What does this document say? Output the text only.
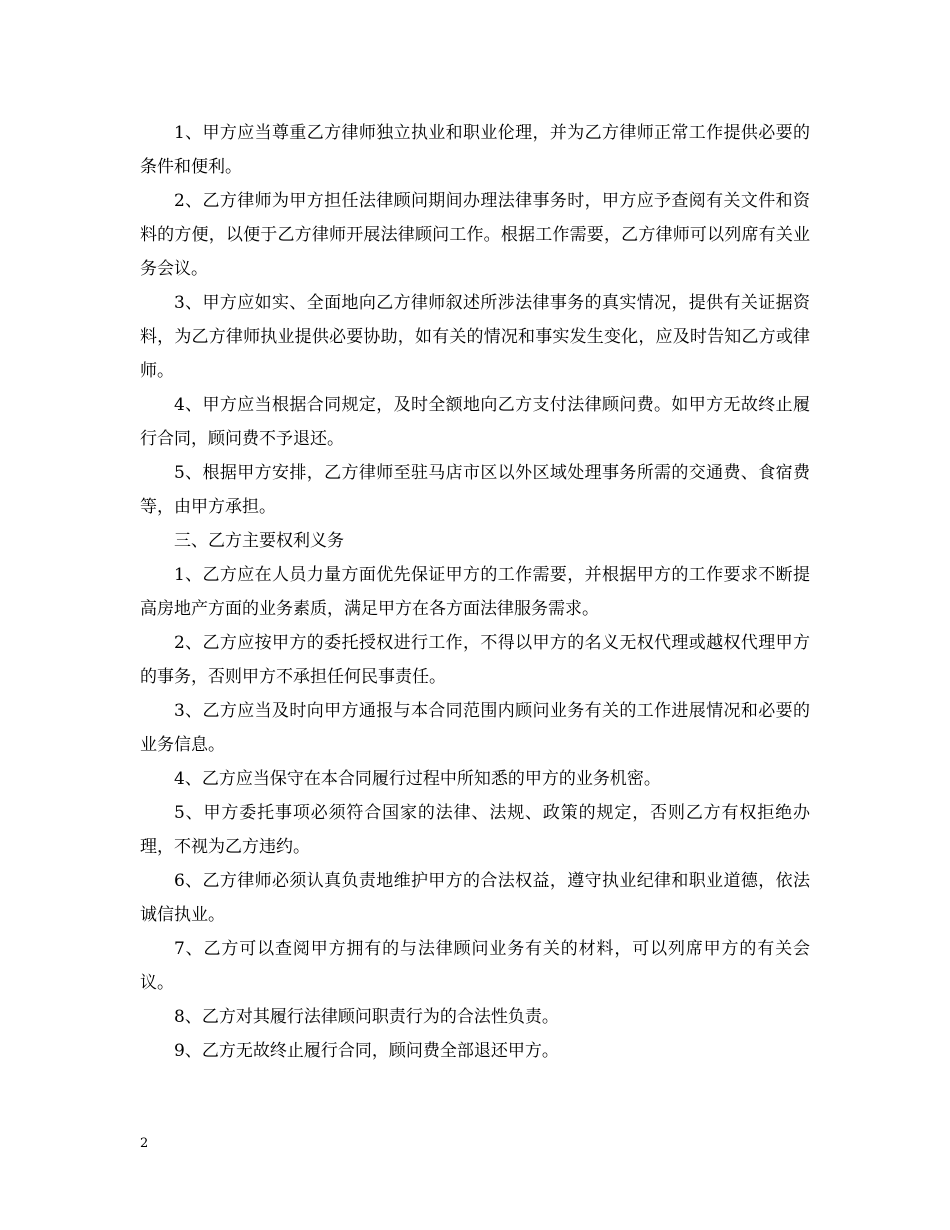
1、甲方应当尊重乙方律师独立执业和职业伦理，并为乙方律师正常工作提供必要的条件和便利。

2、乙方律师为甲方担任法律顾问期间办理法律事务时，甲方应予查阅有关文件和资料的方便，以便于乙方律师开展法律顾问工作。根据工作需要，乙方律师可以列席有关业务会议。

3、甲方应如实、全面地向乙方律师叙述所涉法律事务的真实情况，提供有关证据资料，为乙方律师执业提供必要协助，如有关的情况和事实发生变化，应及时告知乙方或律师。

4、甲方应当根据合同规定，及时全额地向乙方支付法律顾问费。如甲方无故终止履行合同，顾问费不予退还。

5、根据甲方安排，乙方律师至驻马店市区以外区域处理事务所需的交通费、食宿费等，由甲方承担。

三、乙方主要权利义务

1、乙方应在人员力量方面优先保证甲方的工作需要，并根据甲方的工作要求不断提高房地产方面的业务素质，满足甲方在各方面法律服务需求。

2、乙方应按甲方的委托授权进行工作，不得以甲方的名义无权代理或越权代理甲方的事务，否则甲方不承担任何民事责任。

3、乙方应当及时向甲方通报与本合同范围内顾问业务有关的工作进展情况和必要的业务信息。

4、乙方应当保守在本合同履行过程中所知悉的甲方的业务机密。

5、甲方委托事项必须符合国家的法律、法规、政策的规定，否则乙方有权拒绝办理，不视为乙方违约。

6、乙方律师必须认真负责地维护甲方的合法权益，遵守执业纪律和职业道德，依法诚信执业。

7、乙方可以查阅甲方拥有的与法律顾问业务有关的材料，可以列席甲方的有关会议。

8、乙方对其履行法律顾问职责行为的合法性负责。

9、乙方无故终止履行合同，顾问费全部退还甲方。

2
